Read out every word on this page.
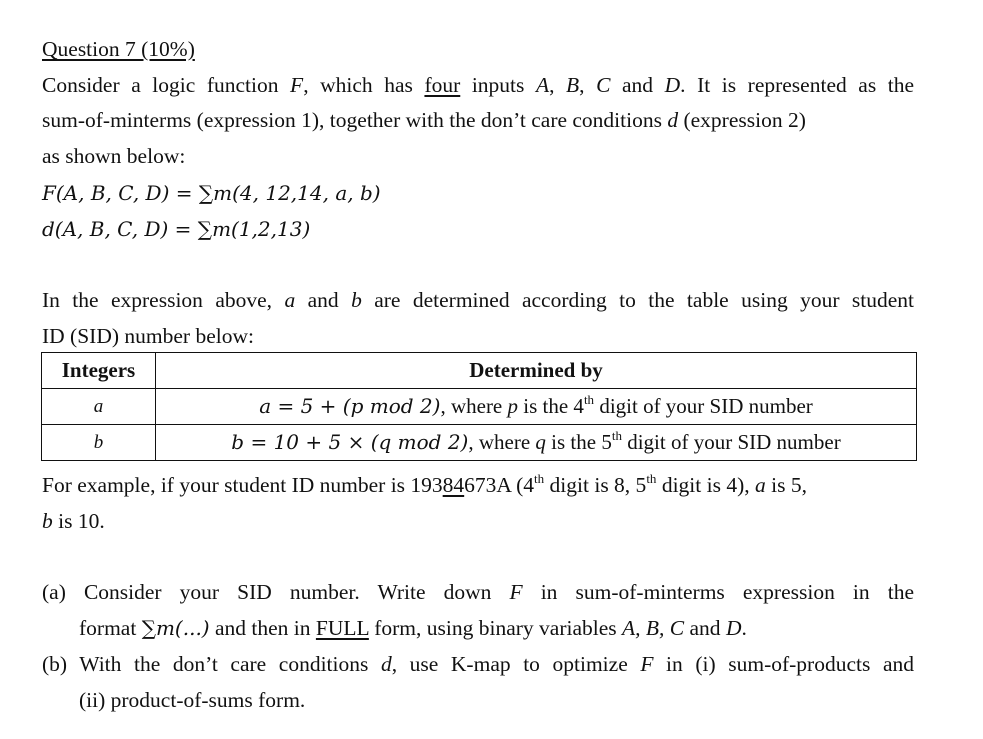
Question 7 (10%)
Consider a logic function F, which has four inputs A, B, C and D. It is represented as the
sum-of-minterms (expression 1), together with the don’t care conditions d (expression 2)
as shown below:
F(A, B, C, D) = ∑m(4, 12,14, a, b)
d(A, B, C, D) = ∑m(1,2,13)
In the expression above, a and b are determined according to the table using your student
ID (SID) number below:
Integers	Determined by
a	a = 5 + (p mod 2), where p is the 4th digit of your SID number
b	b = 10 + 5 × (q mod 2), where q is the 5th digit of your SID number
For example, if your student ID number is 19384673A (4th digit is 8, 5th digit is 4), a is 5,
b is 10.
(a) Consider your SID number. Write down F in sum-of-minterms expression in the
format ∑m(...) and then in FULL form, using binary variables A, B, C and D.
(b) With the don’t care conditions d, use K-map to optimize F in (i) sum-of-products and
(ii) product-of-sums form.
